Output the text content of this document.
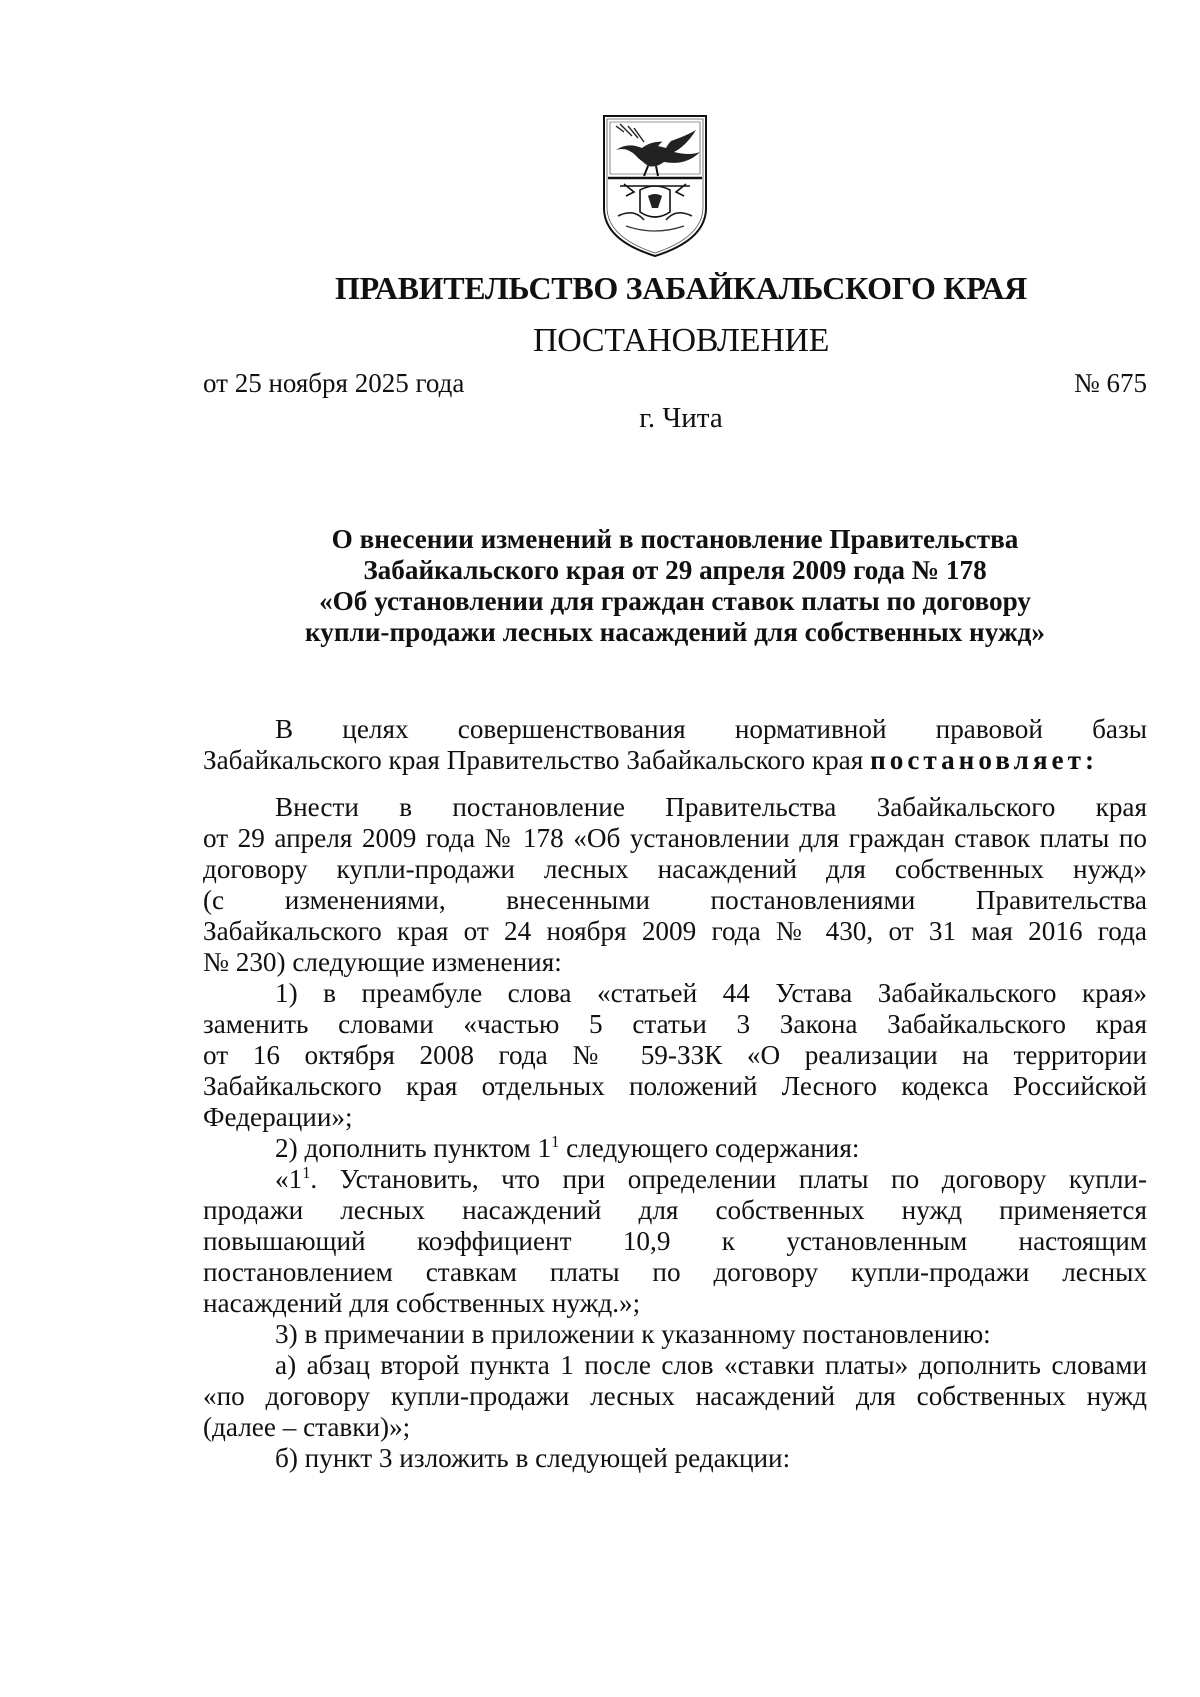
ПРАВИТЕЛЬСТВО ЗАБАЙКАЛЬСКОГО КРАЯ
ПОСТАНОВЛЕНИЕ
от 25 ноября 2025 года	№ 675
г. Чита
О внесении изменений в постановление Правительства
Забайкальского края от 29 апреля 2009 года № 178
«Об установлении для граждан ставок платы по договору
купли-продажи лесных насаждений для собственных нужд»
В целях совершенствования нормативной правовой базы
Забайкальского края Правительство Забайкальского края постановляет:
Внести в постановление Правительства Забайкальского края
от 29 апреля 2009 года № 178 «Об установлении для граждан ставок платы по
договору купли-продажи лесных насаждений для собственных нужд»
(с изменениями, внесенными постановлениями Правительства
Забайкальского края от 24 ноября 2009 года № 430, от 31 мая 2016 года
№ 230) следующие изменения:
1) в преамбуле слова «статьей 44 Устава Забайкальского края»
заменить словами «частью 5 статьи 3 Закона Забайкальского края
от 16 октября 2008 года № 59-ЗЗК «О реализации на территории
Забайкальского края отдельных положений Лесного кодекса Российской
Федерации»;
2) дополнить пунктом $1^1$ следующего содержания:
«$1^1$. Установить, что при определении платы по договору купли-
продажи лесных насаждений для собственных нужд применяется
повышающий коэффициент 10,9 к установленным настоящим
постановлением ставкам платы по договору купли-продажи лесных
насаждений для собственных нужд.»;
3) в примечании в приложении к указанному постановлению:
а) абзац второй пункта 1 после слов «ставки платы» дополнить словами
«по договору купли-продажи лесных насаждений для собственных нужд
(далее – ставки)»;
б) пункт 3 изложить в следующей редакции:
